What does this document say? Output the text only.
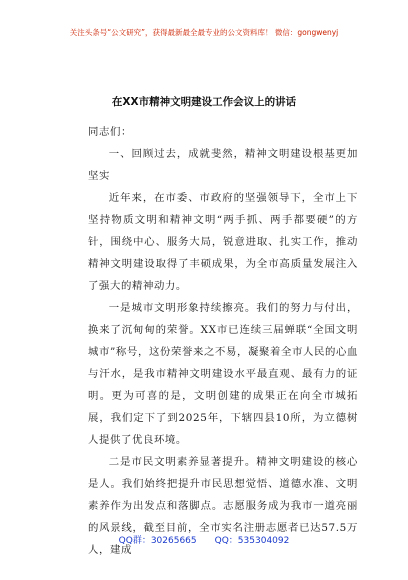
关注头条号“公文研究”，获得最新最全最专业的公文资料库！ 微信：gongwenyj
在XX市精神文明建设工作会议上的讲话

同志们：

一、回顾过去，成就斐然，精神文明建设根基更加坚实

近年来，在市委、市政府的坚强领导下，全市上下坚持物质文明和精神文明“两手抓、两手都要硬”的方针，围绕中心、服务大局，锐意进取、扎实工作，推动精神文明建设取得了丰硕成果，为全市高质量发展注入了强大的精神动力。

一是城市文明形象持续擦亮。我们的努力与付出，换来了沉甸甸的荣誉。XX市已连续三届蝉联“全国文明城市”称号，这份荣誉来之不易，凝聚着全市人民的心血与汗水，是我市精神文明建设水平最直观、最有力的证明。更为可喜的是，文明创建的成果正在向全市城拓展，我们定下了到2025年，下辖四县10所，为立德树人提供了优良环境。

二是市民文明素养显著提升。精神文明建设的核心是人。我们始终把提升市民思想觉悟、道德水准、文明素养作为出发点和落脚点。志愿服务成为我市一道亮丽的风景线，截至目前，全市实名注册志愿者已达57.5万人，建成

QQ群：30265665 QQ：535304092
